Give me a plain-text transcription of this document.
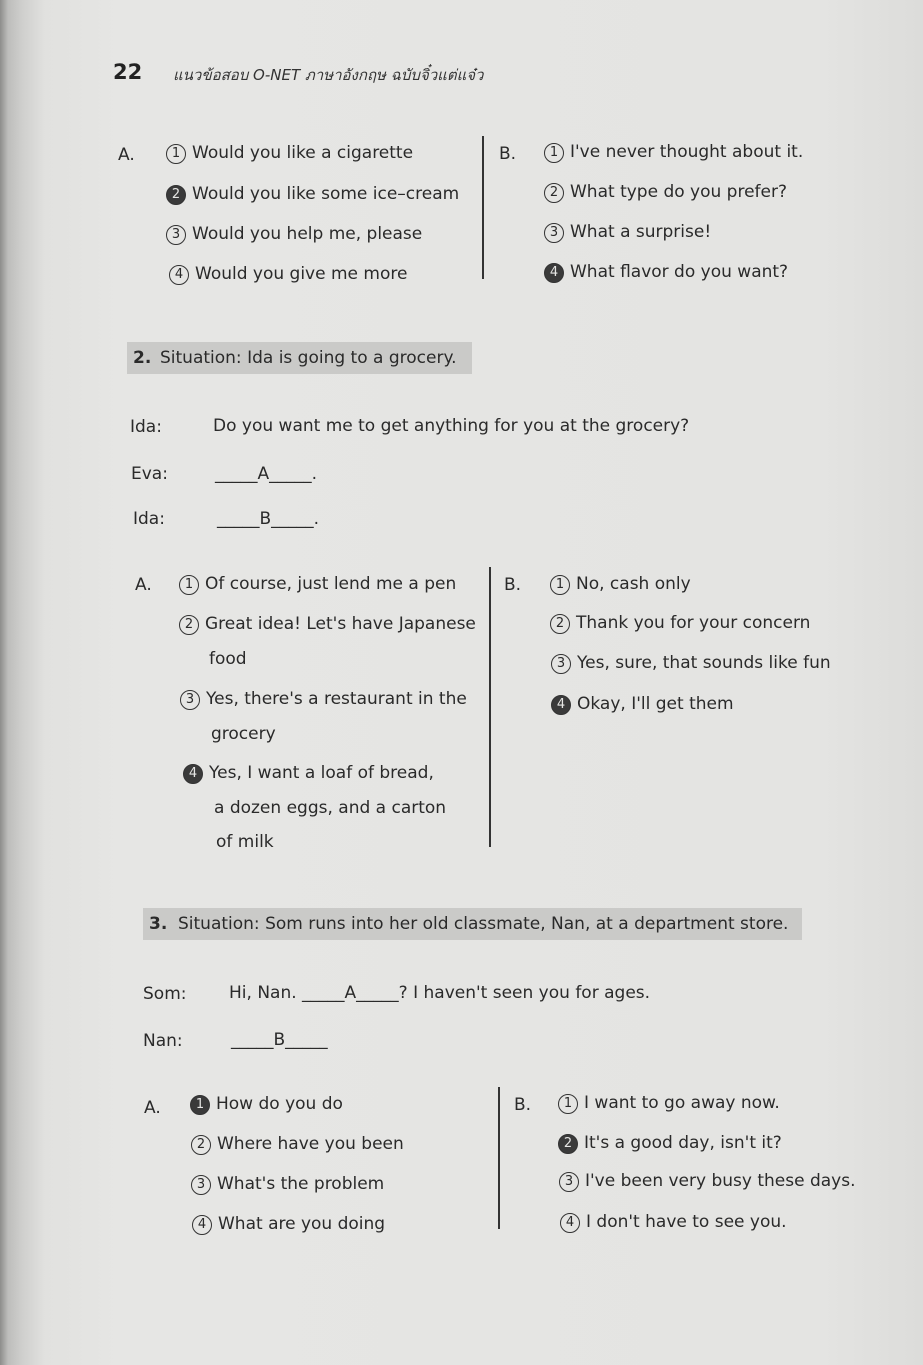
22 แนวข้อสอบ O-NET ภาษาอังกฤษ ฉบับจิ๋วแต่แจ๋ว
A.	1 Would you like a cigarette
2 Would you like some ice–cream
3 Would you help me, please
4 Would you give me more
B.	1 I've never thought about it.
2 What type do you prefer?
3 What a surprise!
4 What flavor do you want?
2. Situation: Ida is going to a grocery.
Ida:	Do you want me to get anything for you at the grocery?
Eva:	_____A_____.
Ida:	_____B_____.
A.	1 Of course, just lend me a pen
2 Great idea! Let's have Japanese
food
3 Yes, there's a restaurant in the
grocery
4 Yes, I want a loaf of bread,
a dozen eggs, and a carton
of milk
B.	1 No, cash only
2 Thank you for your concern
3 Yes, sure, that sounds like fun
4 Okay, I'll get them
3. Situation: Som runs into her old classmate, Nan, at a department store.
Som:	Hi, Nan. _____A_____? I haven't seen you for ages.
Nan:	_____B_____
A.	1 How do you do
2 Where have you been
3 What's the problem
4 What are you doing
B.	1 I want to go away now.
2 It's a good day, isn't it?
3 I've been very busy these days.
4 I don't have to see you.
